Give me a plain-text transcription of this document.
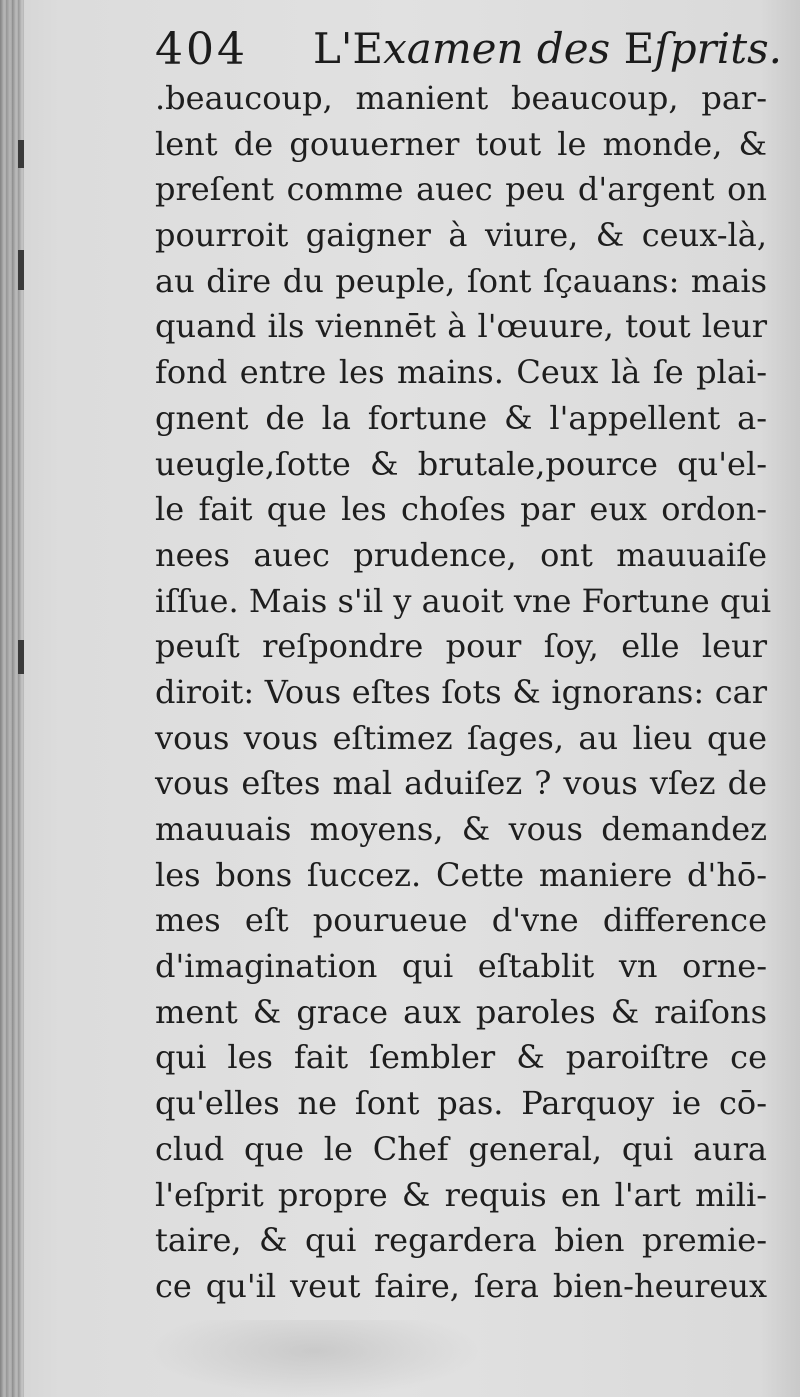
404 L'Examen des Eſprits.
.beaucoup, manient beaucoup, par-
lent de gouuerner tout le monde, &
preſent comme auec peu d'argent on
pourroit gaigner à viure, & ceux-là,
au dire du peuple, ſont ſçauans: mais
quand ils viennēt à l'œuure, tout leur
fond entre les mains. Ceux là ſe plai-
gnent de la fortune & l'appellent a-
ueugle,ſotte & brutale,pource qu'el-
le fait que les choſes par eux ordon-
nees auec prudence, ont mauuaiſe
iſſue. Mais s'il y auoit vne Fortune qui
peuſt reſpondre pour ſoy, elle leur
diroit: Vous eſtes ſots & ignorans: car
vous vous eſtimez ſages, au lieu que
vous eſtes mal aduiſez ? vous vſez de
mauuais moyens, & vous demandez
les bons ſuccez. Cette maniere d'hō-
mes eſt pourueue d'vne difference
d'imagination qui eſtablit vn orne-
ment & grace aux paroles & raiſons
qui les fait ſembler & paroiſtre ce
qu'elles ne ſont pas. Parquoy ie cō-
clud que le Chef general, qui aura
l'eſprit propre & requis en l'art mili-
taire, & qui regardera bien premie-
ce qu'il veut faire, ſera bien-heureux
